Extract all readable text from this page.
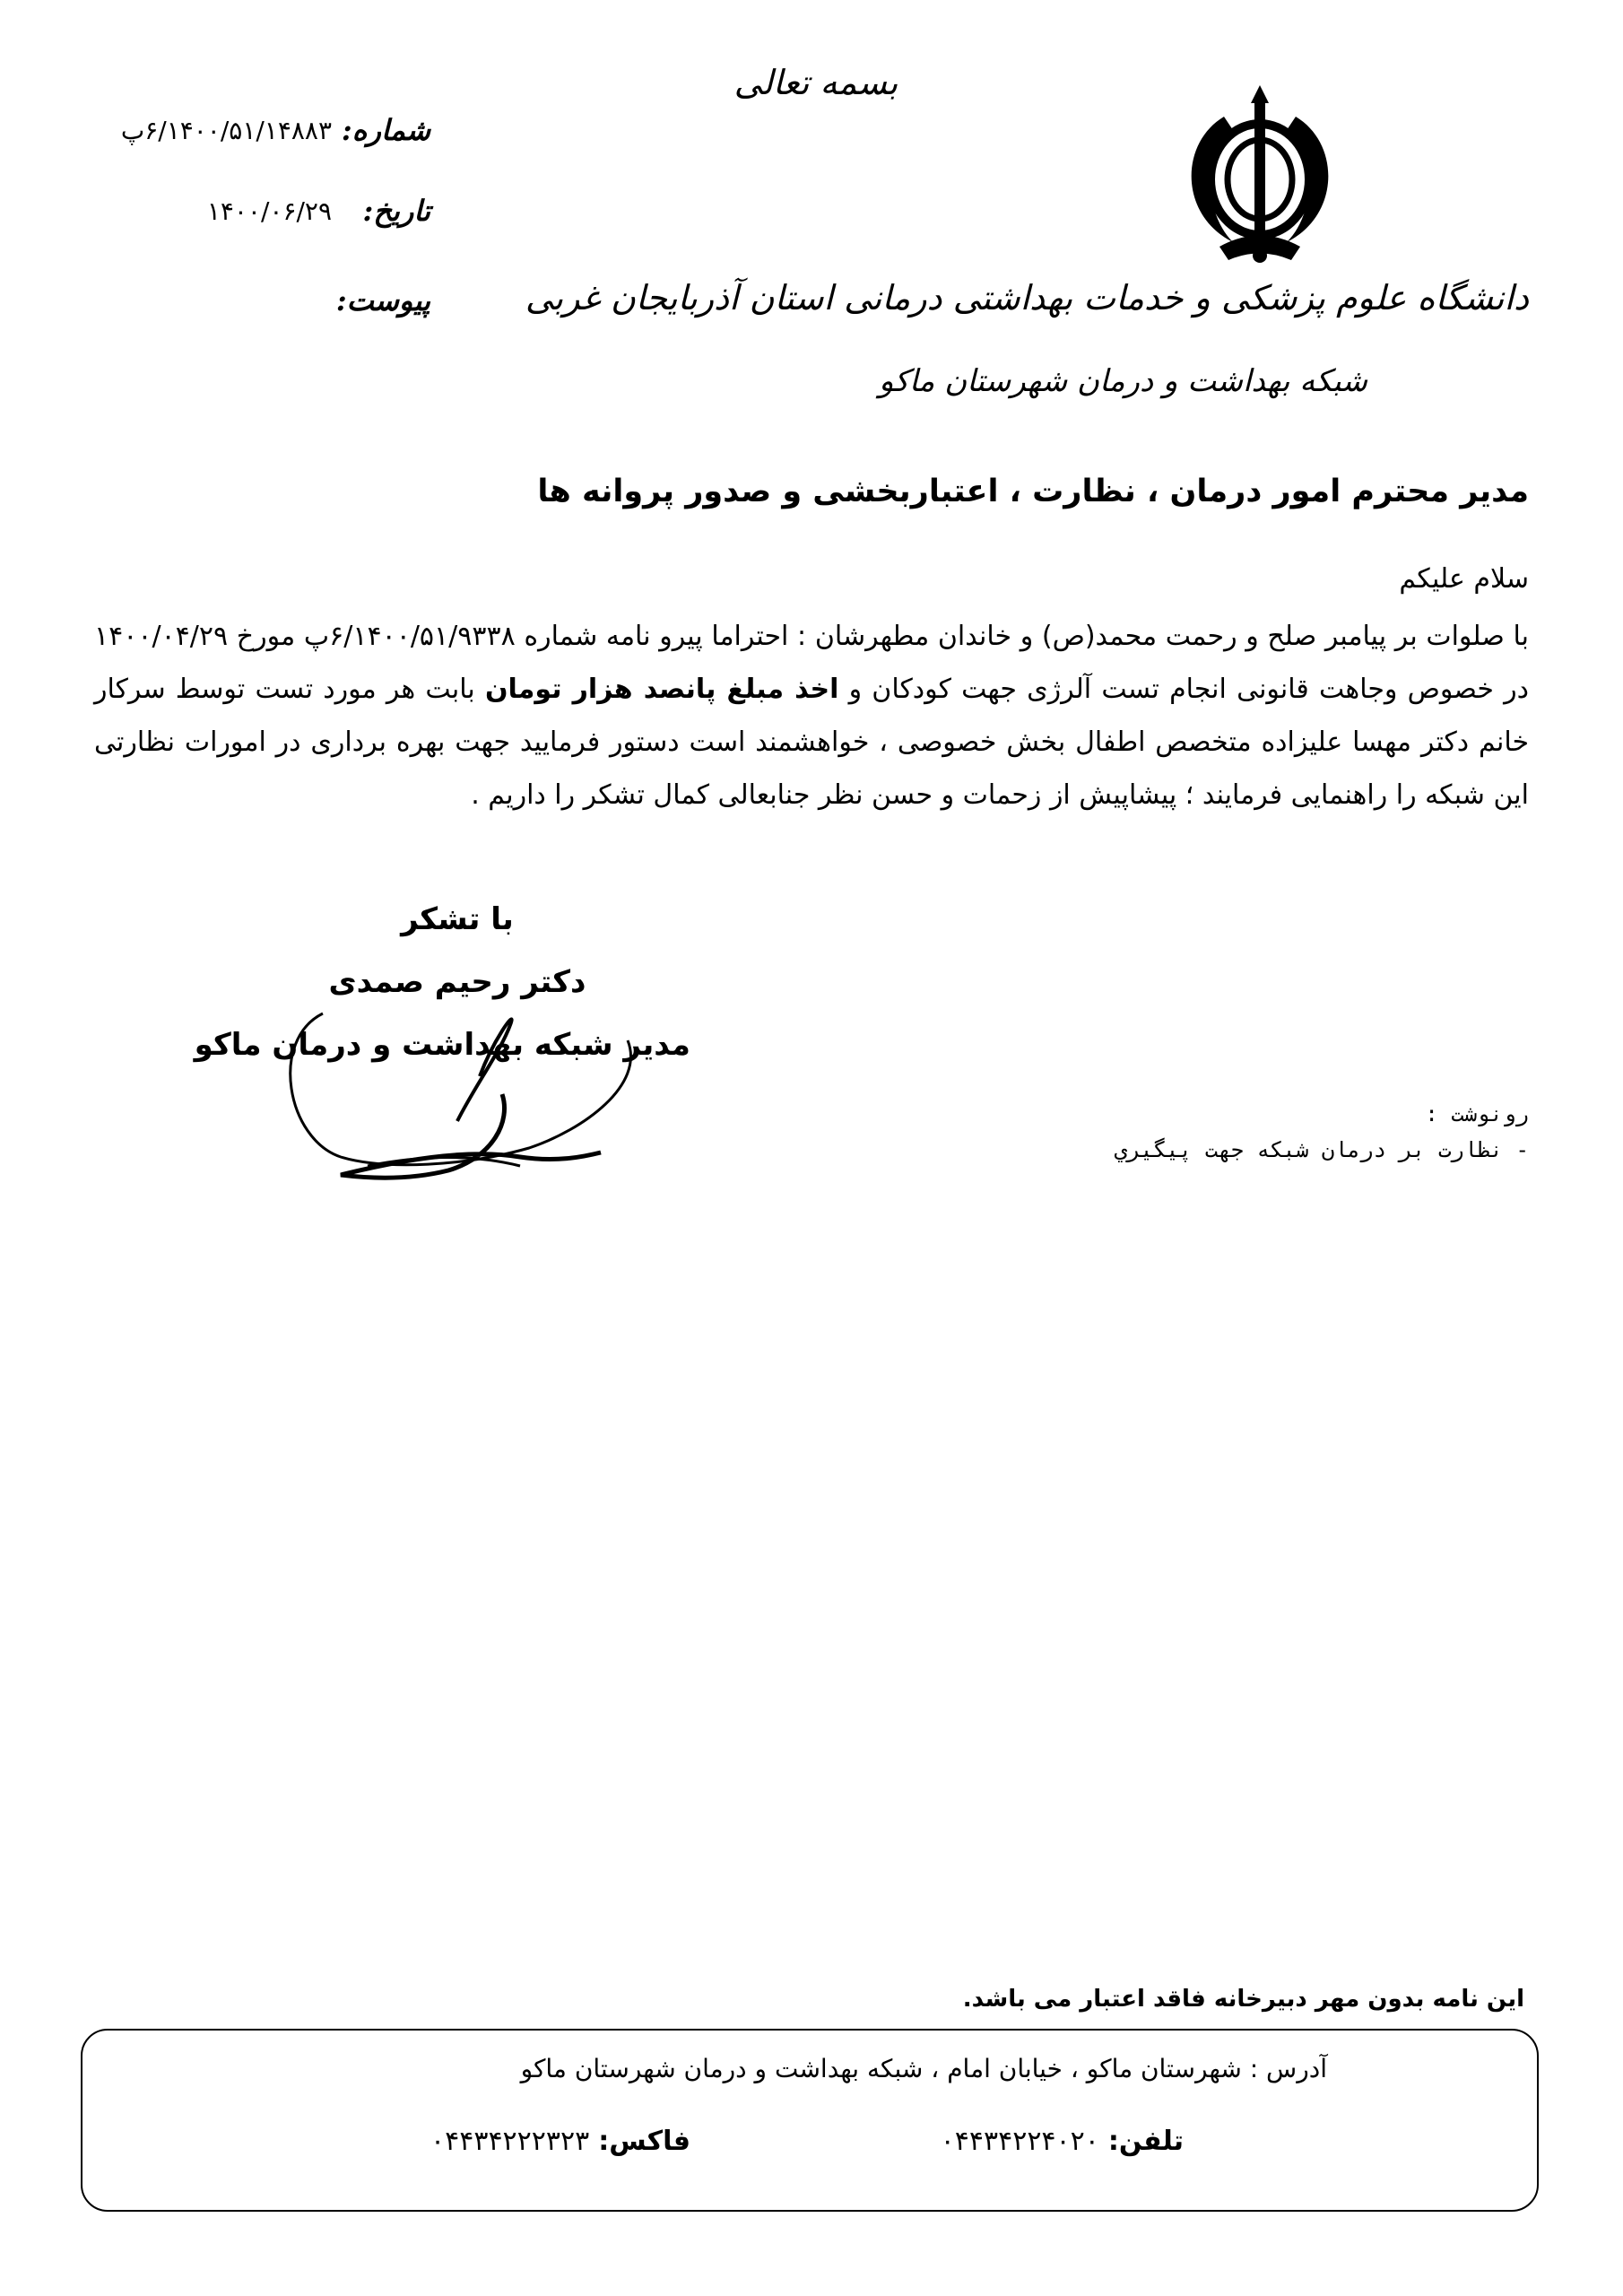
بسمه تعالی
شماره:
۶/۱۴۰۰/۵۱/۱۴۸۸۳پ
تاریخ:
۱۴۰۰/۰۶/۲۹
پیوست:	دانشگاه علوم پزشکی و خدمات بهداشتی درمانی استان آذربایجان غربی
شبکه بهداشت و درمان شهرستان ماکو
مدیر محترم امور درمان ، نظارت ، اعتباربخشی و صدور پروانه ها
سلام علیکم
با صلوات بر پیامبر صلح و رحمت محمد(ص) و خاندان مطهرشان : احتراما پیرو نامه شماره ۶/۱۴۰۰/۵۱/۹۳۳۸پ مورخ ۱۴۰۰/۰۴/۲۹ در خصوص وجاهت قانونی انجام تست آلرژی جهت کودکان و اخذ مبلغ پانصد هزار تومان بابت هر مورد تست توسط سرکار خانم دکتر مهسا علیزاده متخصص اطفال بخش خصوصی ، خواهشمند است دستور فرمایید جهت بهره برداری در امورات نظارتی این شبکه را راهنمایی فرمایند ؛ پیشاپیش از زحمات و حسن نظر جنابعالی کمال تشکر را داریم .
با تشکر
دکتر رحیم صمدی
مدیر شبکه بهداشت و درمان ماکو
رونوشت :
- نظارت بر درمان شبکه جهت پیگیري
این نامه بدون مهر دبیرخانه فاقد اعتبار می باشد.
آدرس : شهرستان ماکو ، خیابان امام ، شبکه بهداشت و درمان شهرستان ماکو
تلفن:۰۴۴۳۴۲۲۴۰۲۰
فاکس:۰۴۴۳۴۲۲۲۳۲۳
